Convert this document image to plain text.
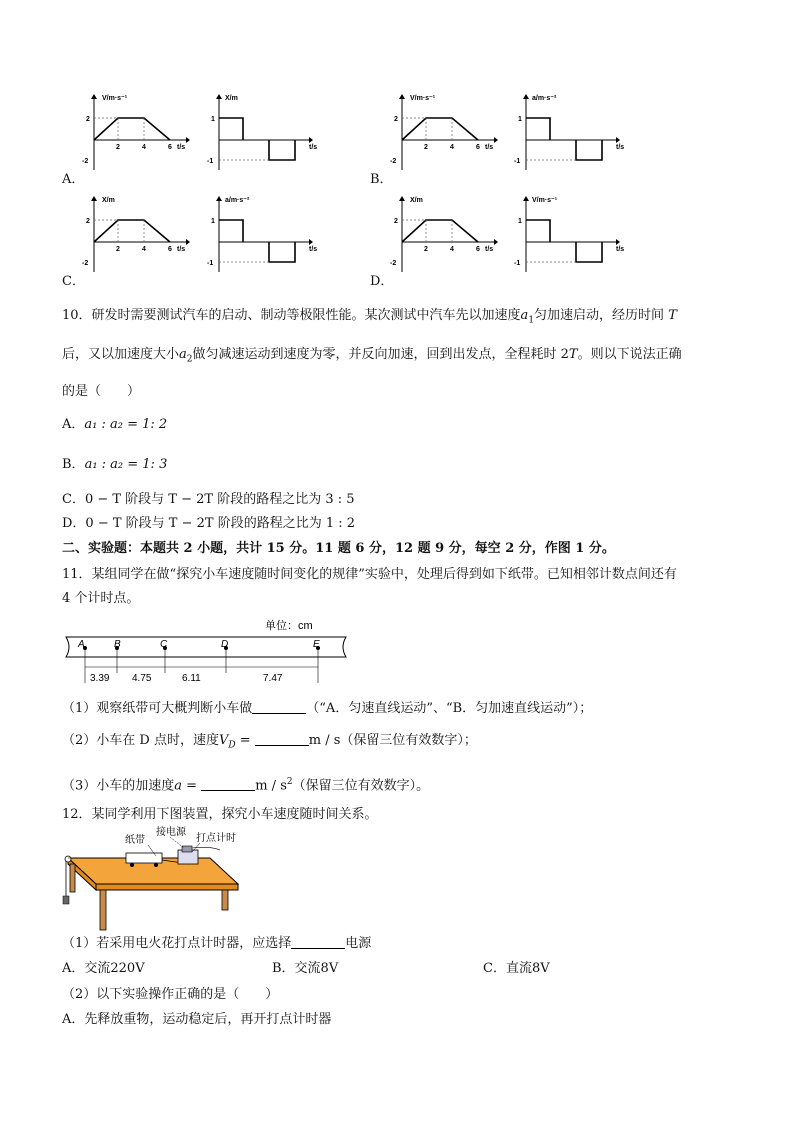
A．
V/m·s⁻¹
2
-2
2	4	6 t/s
X/m
1
-1
t/s
B．
V/m·s⁻¹
2
-2
2	4	6 t/s
a/m·s⁻²
1
-1
t/s
C．
X/m
2
-2
2	4	6 t/s
a/m·s⁻²
1
-1
t/s
D．
X/m
2
-2
2	4	6 t/s
V/m·s⁻¹
1
-1
t/s
10．研发时需要测试汽车的启动、制动等极限性能。某次测试中汽车先以加速度$a_1$匀加速启动，经历时间 T
后，又以加速度大小$a_2$做匀减速运动到速度为零，并反向加速，回到出发点，全程耗时 2T。则以下说法正确
的是（　　）
A．a₁ : a₂ = 1: 2
B．a₁ : a₂ = 1: 3
C．0 − T 阶段与 T − 2T 阶段的路程之比为 3 : 5
D．0 − T 阶段与 T − 2T 阶段的路程之比为 1 : 2
二、实验题：本题共 2 小题，共计 15 分。11 题 6 分，12 题 9 分，每空 2 分，作图 1 分。
11．某组同学在做“探究小车速度随时间变化的规律”实验中，处理后得到如下纸带。已知相邻计数点间还有
4 个计时点。
单位：cm
A	B	C	D	E
3.39 4.75	6.11	7.47
（1）观察纸带可大概判断小车做	（“A．匀速直线运动”、“B．匀加速直线运动”）；
（2）小车在 D 点时，速度$V_D$ =	m / s（保留三位有效数字）；
（3）小车的加速度a =	m / $s^2$（保留三位有效数字）。
12．某同学利用下图装置，探究小车速度随时间关系。
纸带
接电源
打点计时
（1）若采用电火花打点计时器，应选择	电源
A．交流220V	B．交流8V	C．直流8V
（2）以下实验操作正确的是（　　）
A．先释放重物，运动稳定后，再开打点计时器
